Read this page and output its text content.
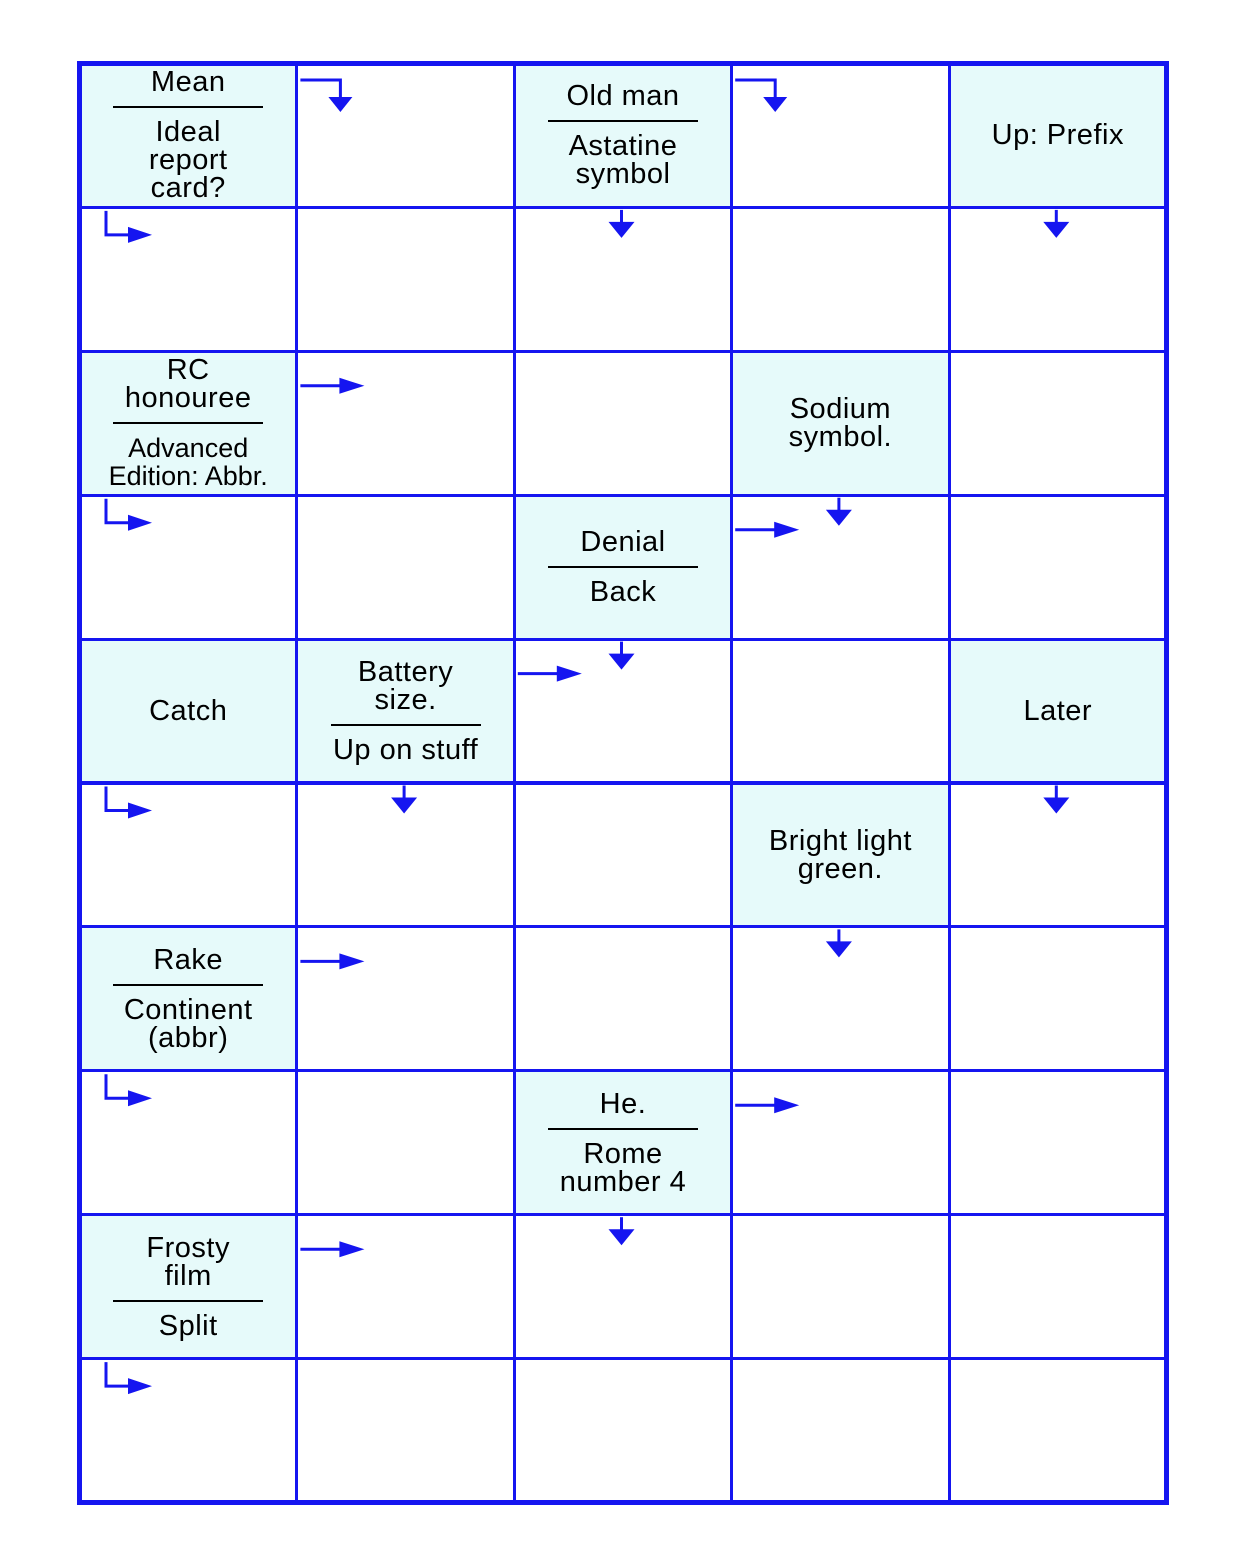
Mean
Ideal
report
card?
Old man
Astatine
symbol
Up: Prefix
RC
honouree
Advanced
Edition: Abbr.
Sodium
symbol.
Denial
Back
Catch
Battery
size.
Up on stuff
Later
Bright light
green.
Rake
Continent
(abbr)
He.
Rome
number 4
Frosty
film
Split
